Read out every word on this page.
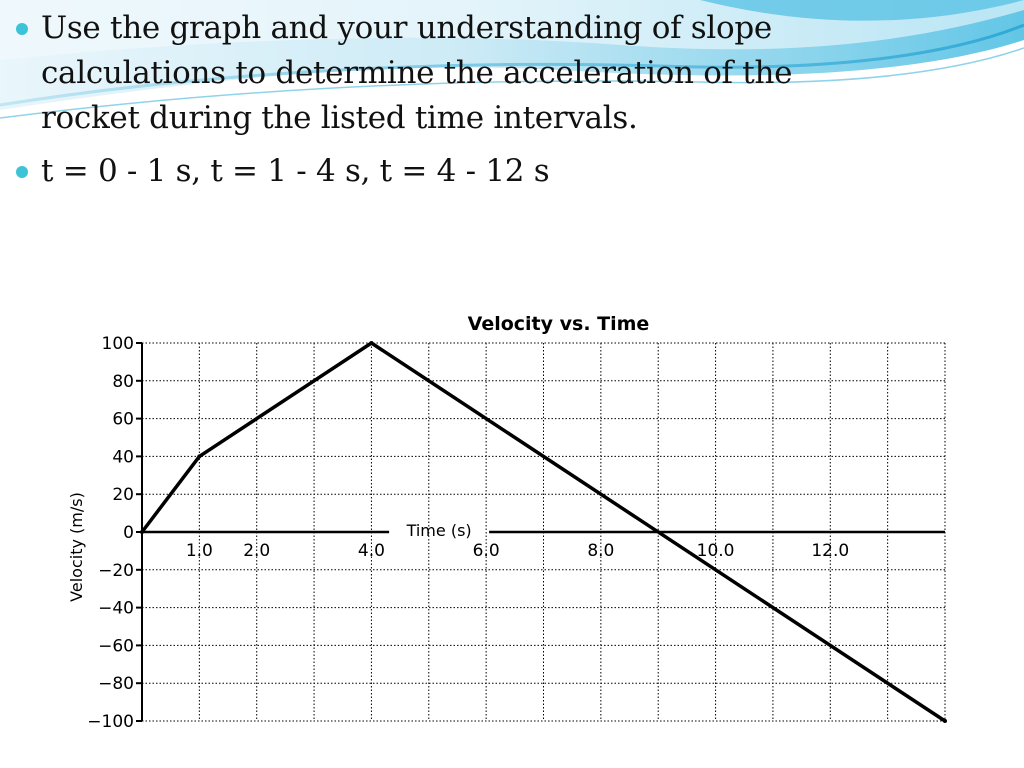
Use the graph and your understanding of slope calculations to determine the acceleration of the rocket during the listed time intervals.
t = 0 - 1 s, t = 1 - 4 s, t = 4 - 12 s
100
80
60
40
20
0
−20
−40
−60
−80
−100
1.0 2.0	4.0	6.0	8.0	10.0	12.0
Velocity vs. Time
Time (s)
Velocity (m/s)
